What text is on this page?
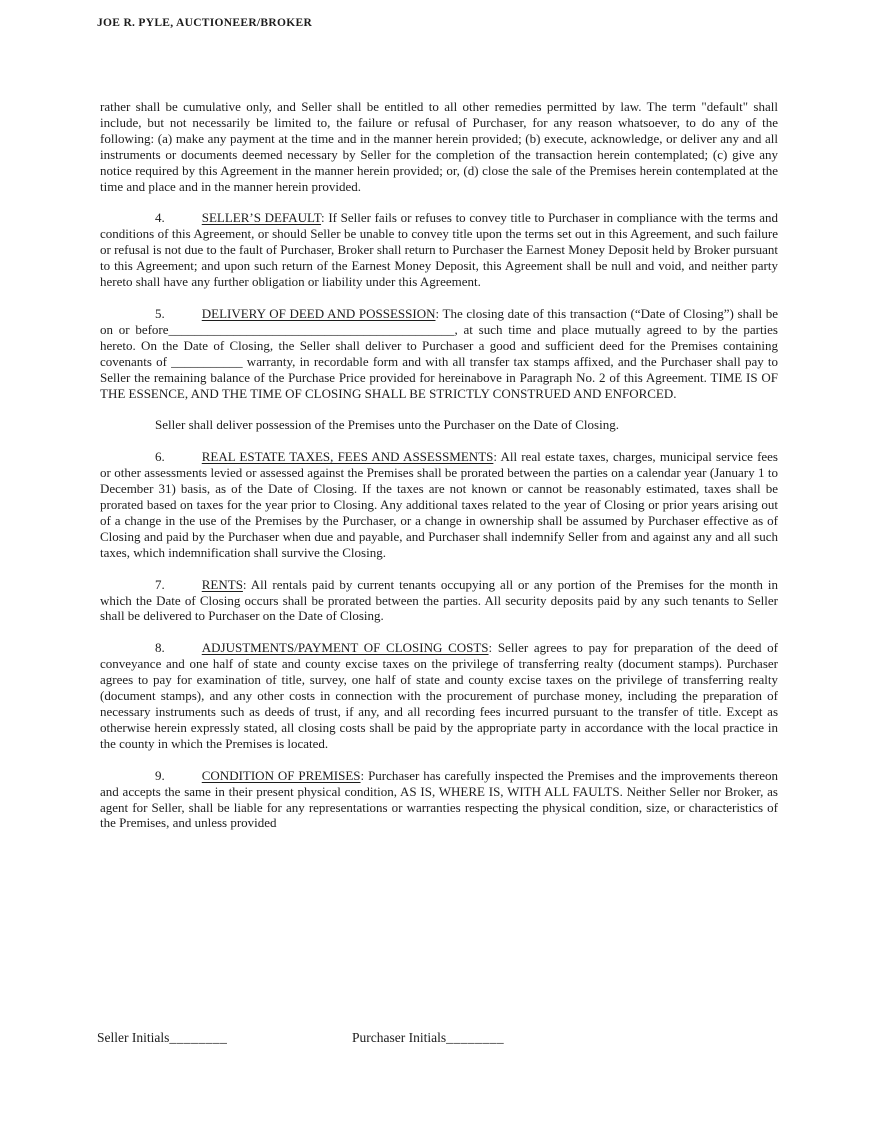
JOE R. PYLE, AUCTIONEER/BROKER

rather shall be cumulative only, and Seller shall be entitled to all other remedies permitted by law. The term "default" shall include, but not necessarily be limited to, the failure or refusal of Purchaser, for any reason whatsoever, to do any of the following: (a) make any payment at the time and in the manner herein provided; (b) execute, acknowledge, or deliver any and all instruments or documents deemed necessary by Seller for the completion of the transaction herein contemplated; (c) give any notice required by this Agreement in the manner herein provided; or, (d) close the sale of the Premises herein contemplated at the time and place and in the manner herein provided.

4.	SELLER’S DEFAULT: If Seller fails or refuses to convey title to Purchaser in compliance with the terms and conditions of this Agreement, or should Seller be unable to convey title upon the terms set out in this Agreement, and such failure or refusal is not due to the fault of Purchaser, Broker shall return to Purchaser the Earnest Money Deposit held by Broker pursuant to this Agreement; and upon such return of the Earnest Money Deposit, this Agreement shall be null and void, and neither party hereto shall have any further obligation or liability under this Agreement.

5.	DELIVERY OF DEED AND POSSESSION: The closing date of this transaction (“Date of Closing”) shall be on or before____________________________________________, at such time and place mutually agreed to by the parties hereto. On the Date of Closing, the Seller shall deliver to Purchaser a good and sufficient deed for the Premises containing covenants of ___________ warranty, in recordable form and with all transfer tax stamps affixed, and the Purchaser shall pay to Seller the remaining balance of the Purchase Price provided for hereinabove in Paragraph No. 2 of this Agreement. TIME IS OF THE ESSENCE, AND THE TIME OF CLOSING SHALL BE STRICTLY CONSTRUED AND ENFORCED.

Seller shall deliver possession of the Premises unto the Purchaser on the Date of Closing.

6.	REAL ESTATE TAXES, FEES AND ASSESSMENTS: All real estate taxes, charges, municipal service fees or other assessments levied or assessed against the Premises shall be prorated between the parties on a calendar year (January 1 to December 31) basis, as of the Date of Closing. If the taxes are not known or cannot be reasonably estimated, taxes shall be prorated based on taxes for the year prior to Closing. Any additional taxes related to the year of Closing or prior years arising out of a change in the use of the Premises by the Purchaser, or a change in ownership shall be assumed by Purchaser effective as of Closing and paid by the Purchaser when due and payable, and Purchaser shall indemnify Seller from and against any and all such taxes, which indemnification shall survive the Closing.

7.	RENTS: All rentals paid by current tenants occupying all or any portion of the Premises for the month in which the Date of Closing occurs shall be prorated between the parties. All security deposits paid by any such tenants to Seller shall be delivered to Purchaser on the Date of Closing.

8.	ADJUSTMENTS/PAYMENT OF CLOSING COSTS: Seller agrees to pay for preparation of the deed of conveyance and one half of state and county excise taxes on the privilege of transferring realty (document stamps). Purchaser agrees to pay for examination of title, survey, one half of state and county excise taxes on the privilege of transferring realty (document stamps), and any other costs in connection with the procurement of purchase money, including the preparation of necessary instruments such as deeds of trust, if any, and all recording fees incurred pursuant to the transfer of title. Except as otherwise herein expressly stated, all closing costs shall be paid by the appropriate party in accordance with the local practice in the county in which the Premises is located.

9.	CONDITION OF PREMISES: Purchaser has carefully inspected the Premises and the improvements thereon and accepts the same in their present physical condition, AS IS, WHERE IS, WITH ALL FAULTS. Neither Seller nor Broker, as agent for Seller, shall be liable for any representations or warranties respecting the physical condition, size, or characteristics of the Premises, and unless provided

Seller Initials________	Purchaser Initials________
